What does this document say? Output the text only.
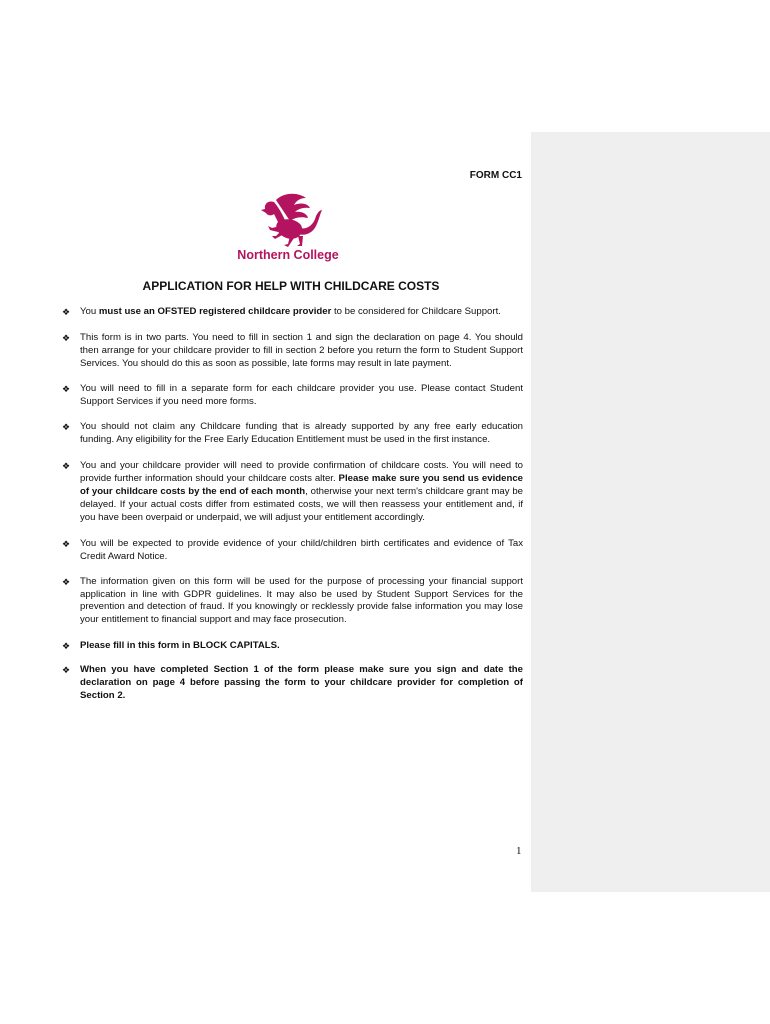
FORM CC1
Northern College
APPLICATION FOR HELP WITH CHILDCARE COSTS
❖ You must use an OFSTED registered childcare provider to be considered for Childcare Support.
❖ This form is in two parts. You need to fill in section 1 and sign the declaration on page 4. You should then arrange for your childcare provider to fill in section 2 before you return the form to Student Support Services. You should do this as soon as possible, late forms may result in late payment.
❖ You will need to fill in a separate form for each childcare provider you use. Please contact Student Support Services if you need more forms.
❖ You should not claim any Childcare funding that is already supported by any free early education funding. Any eligibility for the Free Early Education Entitlement must be used in the first instance.
❖ You and your childcare provider will need to provide confirmation of childcare costs. You will need to provide further information should your childcare costs alter. Please make sure you send us evidence of your childcare costs by the end of each month, otherwise your next term's childcare grant may be delayed. If your actual costs differ from estimated costs, we will then reassess your entitlement and, if you have been overpaid or underpaid, we will adjust your entitlement accordingly.
❖ You will be expected to provide evidence of your child/children birth certificates and evidence of Tax Credit Award Notice.
❖ The information given on this form will be used for the purpose of processing your financial support application in line with GDPR guidelines. It may also be used by Student Support Services for the prevention and detection of fraud. If you knowingly or recklessly provide false information you may lose your entitlement to financial support and may face prosecution.
❖ Please fill in this form in BLOCK CAPITALS.
❖ When you have completed Section 1 of the form please make sure you sign and date the declaration on page 4 before passing the form to your childcare provider for completion of Section 2.
1
